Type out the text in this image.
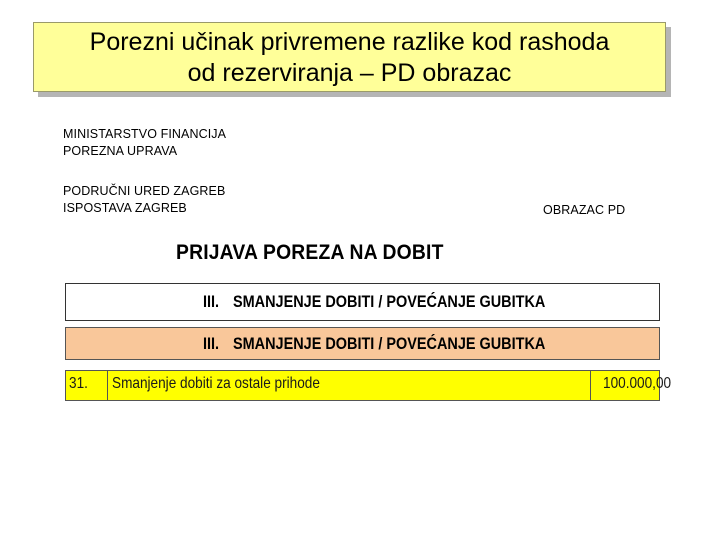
Porezni učinak privremene razlike kod rashoda
od rezerviranja – PD obrazac
MINISTARSTVO FINANCIJA
POREZNA UPRAVA
PODRUČNI URED ZAGREB
ISPOSTAVA ZAGREB	OBRAZAC PD
PRIJAVA POREZA NA DOBIT
III. SMANJENJE DOBITI / POVEĆANJE GUBITKA
III. SMANJENJE DOBITI / POVEĆANJE GUBITKA
31.	Smanjenje dobiti za ostale prihode	100.000,00
